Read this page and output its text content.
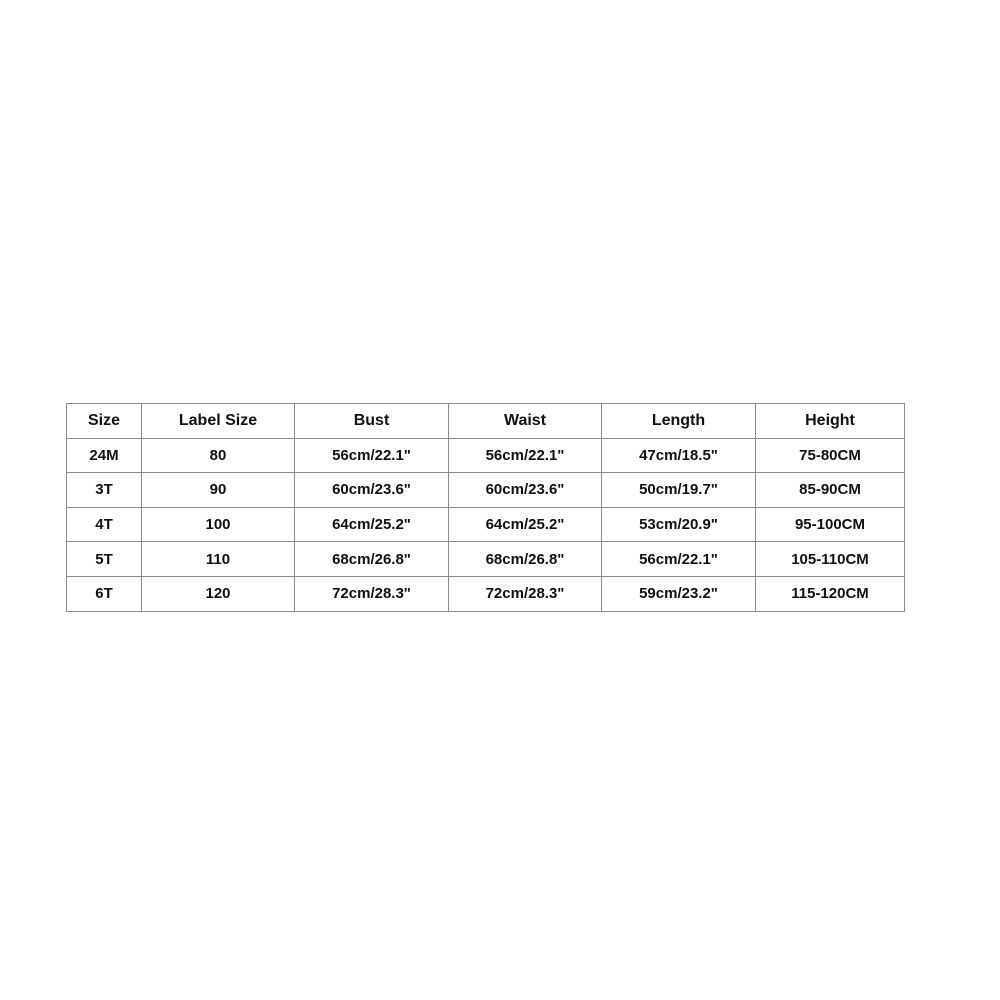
Size	Label Size	Bust	Waist	Length	Height
24M	80	56cm/22.1"	56cm/22.1"	47cm/18.5"	75-80CM
3T	90	60cm/23.6"	60cm/23.6"	50cm/19.7"	85-90CM
4T	100	64cm/25.2"	64cm/25.2"	53cm/20.9"	95-100CM
5T	110	68cm/26.8"	68cm/26.8"	56cm/22.1"	105-110CM
6T	120	72cm/28.3"	72cm/28.3"	59cm/23.2"	115-120CM
